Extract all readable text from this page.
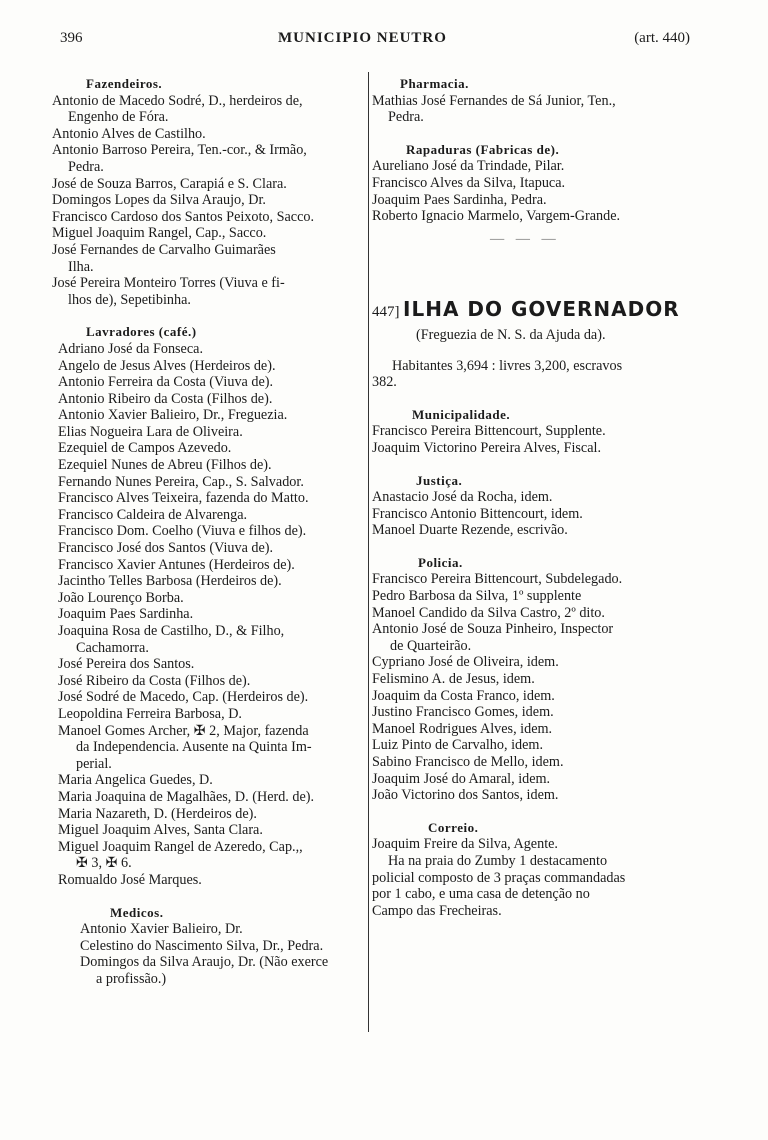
396	MUNICIPIO NEUTRO	(art. 440)

Fazendeiros.

Antonio de Macedo Sodré, D., herdeiros de,

Engenho de Fóra.

Antonio Alves de Castilho.

Antonio Barroso Pereira, Ten.-cor., & Irmão,

Pedra.

José de Souza Barros, Carapiá e S. Clara.

Domingos Lopes da Silva Araujo, Dr.

Francisco Cardoso dos Santos Peixoto, Sacco.

Miguel Joaquim Rangel, Cap., Sacco.

José Fernandes de Carvalho Guimarães

Ilha.

José Pereira Monteiro Torres (Viuva e fi-

lhos de), Sepetibinha.

Lavradores (café.)

Adriano José da Fonseca.

Angelo de Jesus Alves (Herdeiros de).

Antonio Ferreira da Costa (Viuva de).

Antonio Ribeiro da Costa (Filhos de).

Antonio Xavier Balieiro, Dr., Freguezia.

Elias Nogueira Lara de Oliveira.

Ezequiel de Campos Azevedo.

Ezequiel Nunes de Abreu (Filhos de).

Fernando Nunes Pereira, Cap., S. Salvador.

Francisco Alves Teixeira, fazenda do Matto.

Francisco Caldeira de Alvarenga.

Francisco Dom. Coelho (Viuva e filhos de).

Francisco José dos Santos (Viuva de).

Francisco Xavier Antunes (Herdeiros de).

Jacintho Telles Barbosa (Herdeiros de).

João Lourenço Borba.

Joaquim Paes Sardinha.

Joaquina Rosa de Castilho, D., & Filho,

Cachamorra.

José Pereira dos Santos.

José Ribeiro da Costa (Filhos de).

José Sodré de Macedo, Cap. (Herdeiros de).

Leopoldina Ferreira Barbosa, D.

Manoel Gomes Archer, ✠ 2, Major, fazenda

da Independencia. Ausente na Quinta Im-

perial.

Maria Angelica Guedes, D.

Maria Joaquina de Magalhães, D. (Herd. de).

Maria Nazareth, D. (Herdeiros de).

Miguel Joaquim Alves, Santa Clara.

Miguel Joaquim Rangel de Azeredo, Cap.,,

✠ 3, ✠ 6.

Romualdo José Marques.

Medicos.

Antonio Xavier Balieiro, Dr.

Celestino do Nascimento Silva, Dr., Pedra.

Domingos da Silva Araujo, Dr. (Não exerce

a profissão.)

Pharmacia.

Mathias José Fernandes de Sá Junior, Ten.,

Pedra.

Rapaduras (Fabricas de).

Aureliano José da Trindade, Pilar.

Francisco Alves da Silva, Itapuca.

Joaquim Paes Sardinha, Pedra.

Roberto Ignacio Marmelo, Vargem-Grande.

— — —

447] ILHA DO GOVERNADOR

(Freguezia de N. S. da Ajuda da).

Habitantes 3,694 : livres 3,200, escravos

382.

Municipalidade.

Francisco Pereira Bittencourt, Supplente.

Joaquim Victorino Pereira Alves, Fiscal.

Justiça.

Anastacio José da Rocha, idem.

Francisco Antonio Bittencourt, idem.

Manoel Duarte Rezende, escrivão.

Policia.

Francisco Pereira Bittencourt, Subdelegado.

Pedro Barbosa da Silva, 1º supplente

Manoel Candido da Silva Castro, 2º dito.

Antonio José de Souza Pinheiro, Inspector

de Quarteirão.

Cypriano José de Oliveira, idem.

Felismino A. de Jesus, idem.

Joaquim da Costa Franco, idem.

Justino Francisco Gomes, idem.

Manoel Rodrigues Alves, idem.

Luiz Pinto de Carvalho, idem.

Sabino Francisco de Mello, idem.

Joaquim José do Amaral, idem.

João Victorino dos Santos, idem.

Correio.

Joaquim Freire da Silva, Agente.

Ha na praia do Zumby 1 destacamento

policial composto de 3 praças commandadas

por 1 cabo, e uma casa de detenção no

Campo das Frecheiras.
